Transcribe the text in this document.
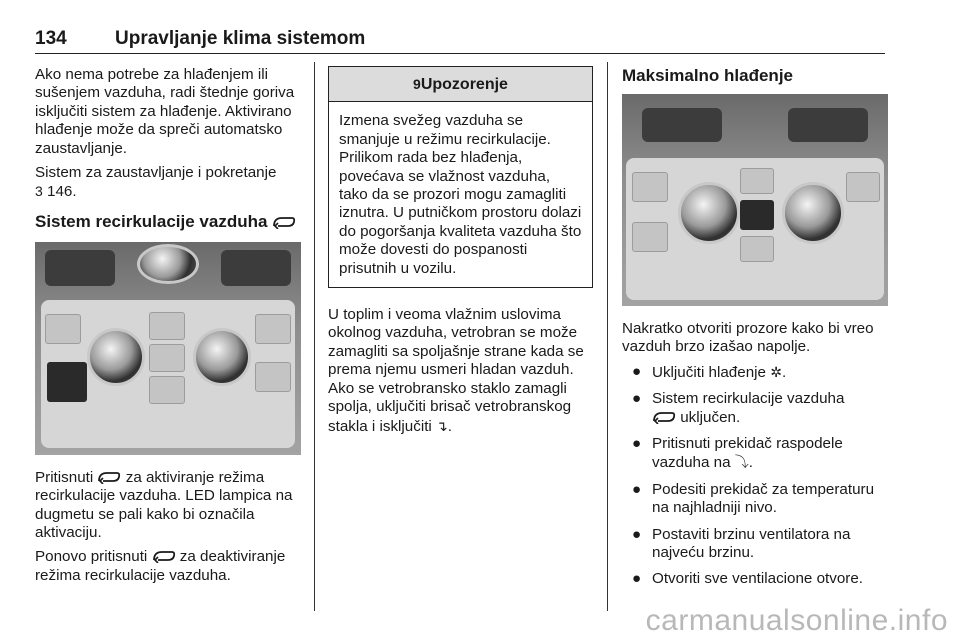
134	Upravljanje klima sistemom

Ako nema potrebe za hlađenjem ili sušenjem vazduha, radi štednje goriva isključiti sistem za hlađenje. Aktivirano hlađenje može da spreči automatsko zaustavljanje.

Sistem za zaustavljanje i pokretanje
3 146.

Sistem recirkulacije vazduha

Pritisnuti za aktiviranje režima recirkulacije vazduha. LED lampica na dugmetu se pali kako bi označila aktivaciju.

Ponovo pritisnuti za deaktiviranje režima recirkulacije vazduha.

9Upozorenje
Izmena svežeg vazduha se smanjuje u režimu recirkulacije. Prilikom rada bez hlađenja, povećava se vlažnost vazduha, tako da se prozori mogu zamagliti iznutra. U putničkom prostoru dolazi do pogoršanja kvaliteta vazduha što može dovesti do pospanosti prisutnih u vozilu.

U toplim i veoma vlažnim uslovima okolnog vazduha, vetrobran se može zamagliti sa spoljašnje strane kada se prema njemu usmeri hladan vazduh. Ako se vetrobransko staklo zamagli spolja, uključiti brisač vetrobranskog stakla i isključiti ↴.

Maksimalno hlađenje

Nakratko otvoriti prozore kako bi vreo vazduh brzo izašao napolje.

● Uključiti hlađenje ✲.
● Sistem recirkulacije vazduha
uključen.
● Pritisnuti prekidač raspodele vazduha na ⤵.
● Podesiti prekidač za temperaturu na najhladniji nivo.
● Postaviti brzinu ventilatora na najveću brzinu.
● Otvoriti sve ventilacione otvore.
carmanualsonline.info
